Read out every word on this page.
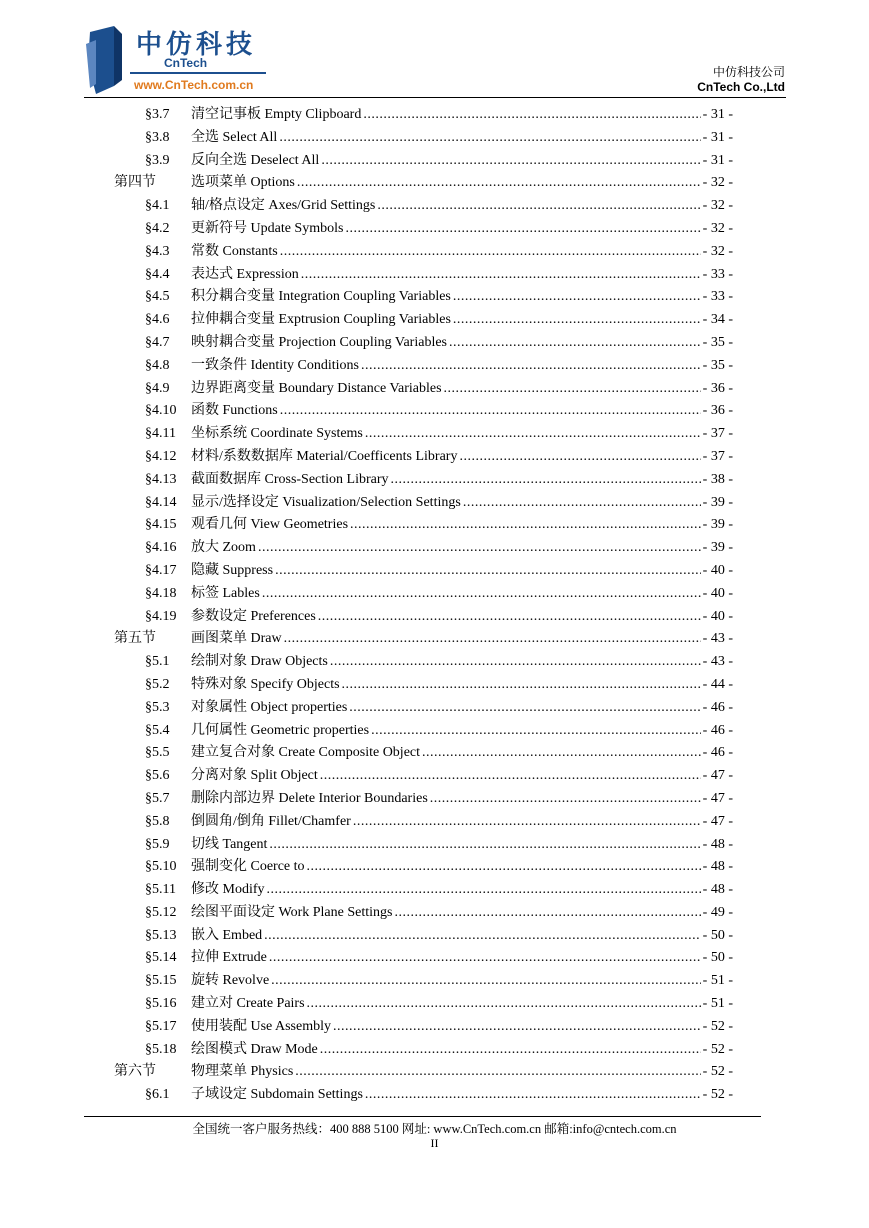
中仿科技
CnTech
www.CnTech.com.cn
中仿科技公司
CnTech Co.,Ltd
§3.7 清空记事板 Empty Clipboard .....	- 31 -
§3.8 全选 Select All .....	- 31 -
§3.9 反向全选 Deselect All .....	- 31 -
第四节	选项菜单 Options .....	- 32 -
§4.1 轴/格点设定 Axes/Grid Settings .....	- 32 -
§4.2 更新符号 Update Symbols .....	- 32 -
§4.3 常数 Constants .....	- 32 -
§4.4 表达式 Expression .....	- 33 -
§4.5 积分耦合变量 Integration Coupling Variables .....	- 33 -
§4.6 拉伸耦合变量 Exptrusion Coupling Variables .....	- 34 -
§4.7 映射耦合变量 Projection Coupling Variables .....	- 35 -
§4.8 一致条件 Identity Conditions .....	- 35 -
§4.9 边界距离变量 Boundary Distance Variables .....	- 36 -
§4.10 函数 Functions .....	- 36 -
§4.11 坐标系统 Coordinate Systems .....	- 37 -
§4.12 材料/系数数据库 Material/Coefficents Library .....	- 37 -
§4.13 截面数据库 Cross-Section Library .....	- 38 -
§4.14 显示/选择设定 Visualization/Selection Settings .....	- 39 -
§4.15 观看几何 View Geometries .....	- 39 -
§4.16 放大 Zoom .....	- 39 -
§4.17 隐藏 Suppress .....	- 40 -
§4.18 标签 Lables .....	- 40 -
§4.19 参数设定 Preferences .....	- 40 -
第五节	画图菜单 Draw .....	- 43 -
§5.1 绘制对象 Draw Objects .....	- 43 -
§5.2 特殊对象 Specify Objects .....	- 44 -
§5.3 对象属性 Object properties .....	- 46 -
§5.4 几何属性 Geometric properties .....	- 46 -
§5.5 建立复合对象 Create Composite Object .....	- 46 -
§5.6 分离对象 Split Object .....	- 47 -
§5.7 删除内部边界 Delete Interior Boundaries .....	- 47 -
§5.8 倒圆角/倒角 Fillet/Chamfer .....	- 47 -
§5.9 切线 Tangent .....	- 48 -
§5.10 强制变化 Coerce to .....	- 48 -
§5.11 修改 Modify .....	- 48 -
§5.12 绘图平面设定 Work Plane Settings .....	- 49 -
§5.13 嵌入 Embed .....	- 50 -
§5.14 拉伸 Extrude .....	- 50 -
§5.15 旋转 Revolve .....	- 51 -
§5.16 建立对 Create Pairs .....	- 51 -
§5.17 使用装配 Use Assembly .....	- 52 -
§5.18 绘图模式 Draw Mode .....	- 52 -
第六节	物理菜单 Physics .....	- 52 -
§6.1 子域设定 Subdomain Settings .....	- 52 -
全国统一客户服务热线：400 888 5100 网址: www.CnTech.com.cn 邮箱:info@cntech.com.cn
II
